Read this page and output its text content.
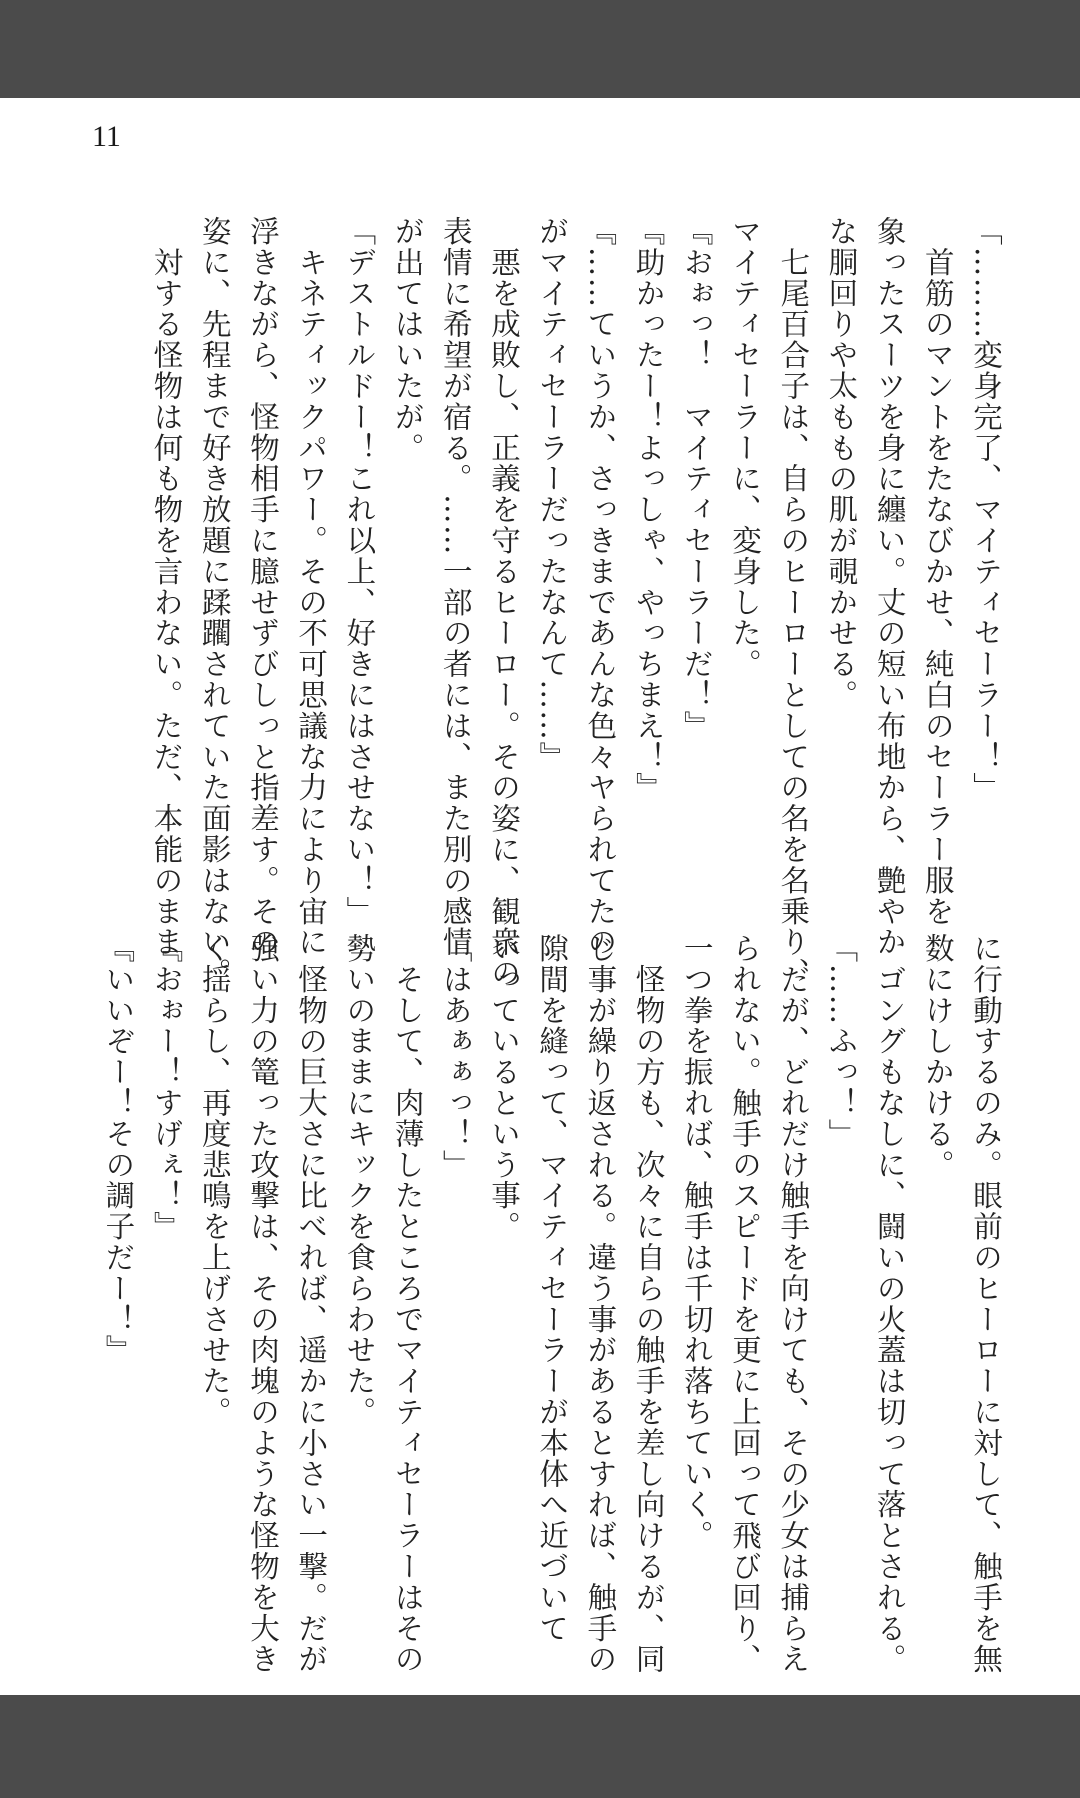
11
「………変身完了、マイティセーラー！」
　首筋のマントをたなびかせ、純白のセーラー服を
象ったスーツを身に纏い。丈の短い布地から、艶やか
な胴回りや太ももの肌が覗かせる。
　七尾百合子は、自らのヒーローとしての名を名乗り、
マイティセーラーに、変身した。
『おぉっ！　マイティセーラーだ！』
『助かったー！よっしゃ、やっちまえ！』
『……ていうか、さっきまであんな色々ヤられてたの
がマイティセーラーだったなんて……』
　悪を成敗し、正義を守るヒーロー。その姿に、観衆の
表情に希望が宿る。……一部の者には、また別の感情
が出てはいたが。
「デストルドー！これ以上、好きにはさせない！」
　キネティックパワー。その不可思議な力により宙に
浮きながら、怪物相手に臆せずびしっと指差す。その
姿に、先程まで好き放題に蹂躙されていた面影はない。
　対する怪物は何も物を言わない。ただ、本能のまま
に行動するのみ。眼前のヒーローに対して、触手を無
数にけしかける。
　ゴングもなしに、闘いの火蓋は切って落とされる。
「……ふっ！」
　だが、どれだけ触手を向けても、その少女は捕らえ
られない。触手のスピードを更に上回って飛び回り、
一つ拳を振れば、触手は千切れ落ちていく。
　怪物の方も、次々に自らの触手を差し向けるが、同
じ事が繰り返される。違う事があるとすれば、触手の
隙間を縫って、マイティセーラーが本体へ近づいて
いっているという事。
「はあぁぁっ！」
　そして、肉薄したところでマイティセーラーはその
勢いのままにキックを食らわせた。
　怪物の巨大さに比べれば、遥かに小さい一撃。だが
強い力の篭った攻撃は、その肉塊のような怪物を大き
く揺らし、再度悲鳴を上げさせた。
『おぉー！すげぇ！』
『いいぞー！その調子だー！』
